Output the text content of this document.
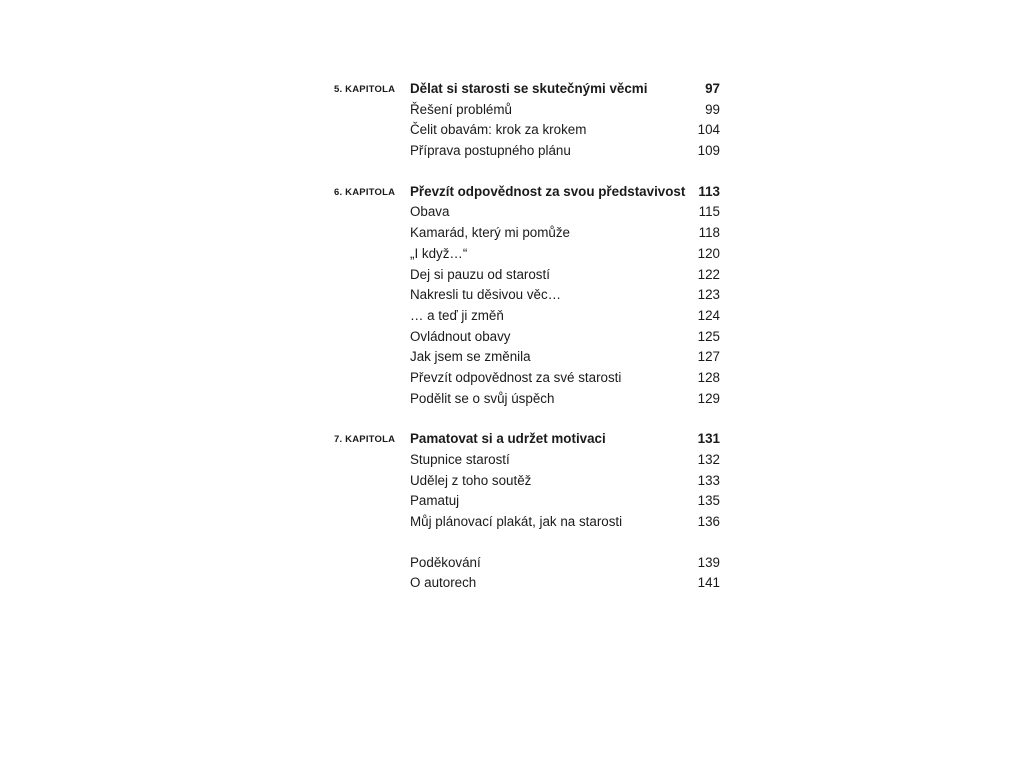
5. KAPITOLA Dělat si starosti se skutečnými věcmi	97
Řešení problémů	99
Čelit obavám: krok za krokem	104
Příprava postupného plánu	109
6. KAPITOLA Převzít odpovědnost za svou představivost 113
Obava	115
Kamarád, který mi pomůže	118
„I když…“	120
Dej si pauzu od starostí	122
Nakresli tu děsivou věc…	123
… a teď ji změň	124
Ovládnout obavy	125
Jak jsem se změnila	127
Převzít odpovědnost za své starosti	128
Podělit se o svůj úspěch	129
7. KAPITOLA Pamatovat si a udržet motivaci	131
Stupnice starostí	132
Udělej z toho soutěž	133
Pamatuj	135
Můj plánovací plakát, jak na starosti	136
Poděkování	139
O autorech	141
